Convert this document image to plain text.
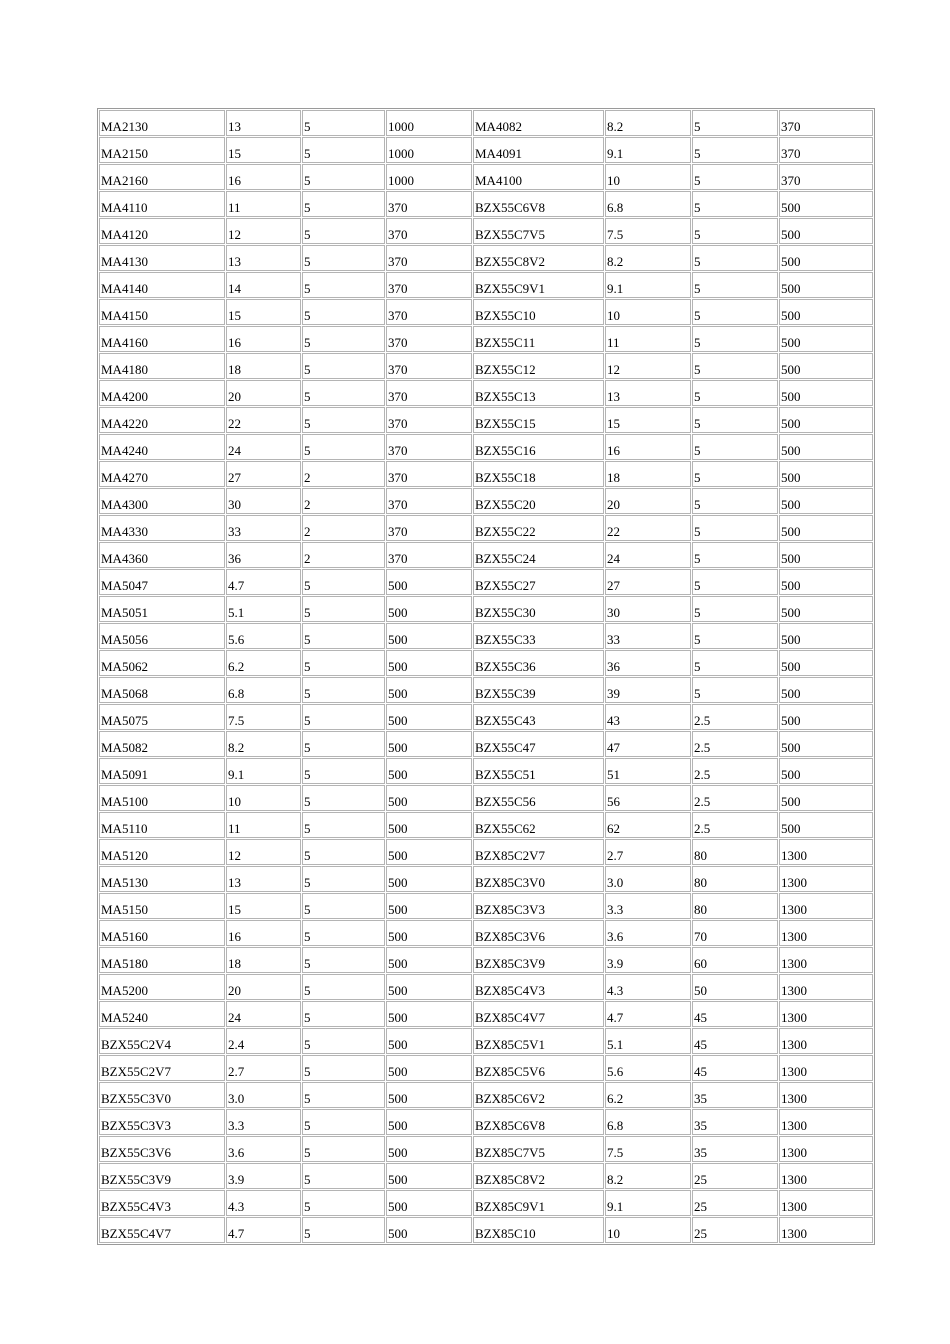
MA2130	13	5	1000	MA4082	8.2	5	370
MA2150	15	5	1000	MA4091	9.1	5	370
MA2160	16	5	1000	MA4100	10	5	370
MA4110	11	5	370	BZX55C6V8	6.8	5	500
MA4120	12	5	370	BZX55C7V5	7.5	5	500
MA4130	13	5	370	BZX55C8V2	8.2	5	500
MA4140	14	5	370	BZX55C9V1	9.1	5	500
MA4150	15	5	370	BZX55C10	10	5	500
MA4160	16	5	370	BZX55C11	11	5	500
MA4180	18	5	370	BZX55C12	12	5	500
MA4200	20	5	370	BZX55C13	13	5	500
MA4220	22	5	370	BZX55C15	15	5	500
MA4240	24	5	370	BZX55C16	16	5	500
MA4270	27	2	370	BZX55C18	18	5	500
MA4300	30	2	370	BZX55C20	20	5	500
MA4330	33	2	370	BZX55C22	22	5	500
MA4360	36	2	370	BZX55C24	24	5	500
MA5047	4.7	5	500	BZX55C27	27	5	500
MA5051	5.1	5	500	BZX55C30	30	5	500
MA5056	5.6	5	500	BZX55C33	33	5	500
MA5062	6.2	5	500	BZX55C36	36	5	500
MA5068	6.8	5	500	BZX55C39	39	5	500
MA5075	7.5	5	500	BZX55C43	43	2.5	500
MA5082	8.2	5	500	BZX55C47	47	2.5	500
MA5091	9.1	5	500	BZX55C51	51	2.5	500
MA5100	10	5	500	BZX55C56	56	2.5	500
MA5110	11	5	500	BZX55C62	62	2.5	500
MA5120	12	5	500	BZX85C2V7	2.7	80	1300
MA5130	13	5	500	BZX85C3V0	3.0	80	1300
MA5150	15	5	500	BZX85C3V3	3.3	80	1300
MA5160	16	5	500	BZX85C3V6	3.6	70	1300
MA5180	18	5	500	BZX85C3V9	3.9	60	1300
MA5200	20	5	500	BZX85C4V3	4.3	50	1300
MA5240	24	5	500	BZX85C4V7	4.7	45	1300
BZX55C2V4	2.4	5	500	BZX85C5V1	5.1	45	1300
BZX55C2V7	2.7	5	500	BZX85C5V6	5.6	45	1300
BZX55C3V0	3.0	5	500	BZX85C6V2	6.2	35	1300
BZX55C3V3	3.3	5	500	BZX85C6V8	6.8	35	1300
BZX55C3V6	3.6	5	500	BZX85C7V5	7.5	35	1300
BZX55C3V9	3.9	5	500	BZX85C8V2	8.2	25	1300
BZX55C4V3	4.3	5	500	BZX85C9V1	9.1	25	1300
BZX55C4V7	4.7	5	500	BZX85C10	10	25	1300
